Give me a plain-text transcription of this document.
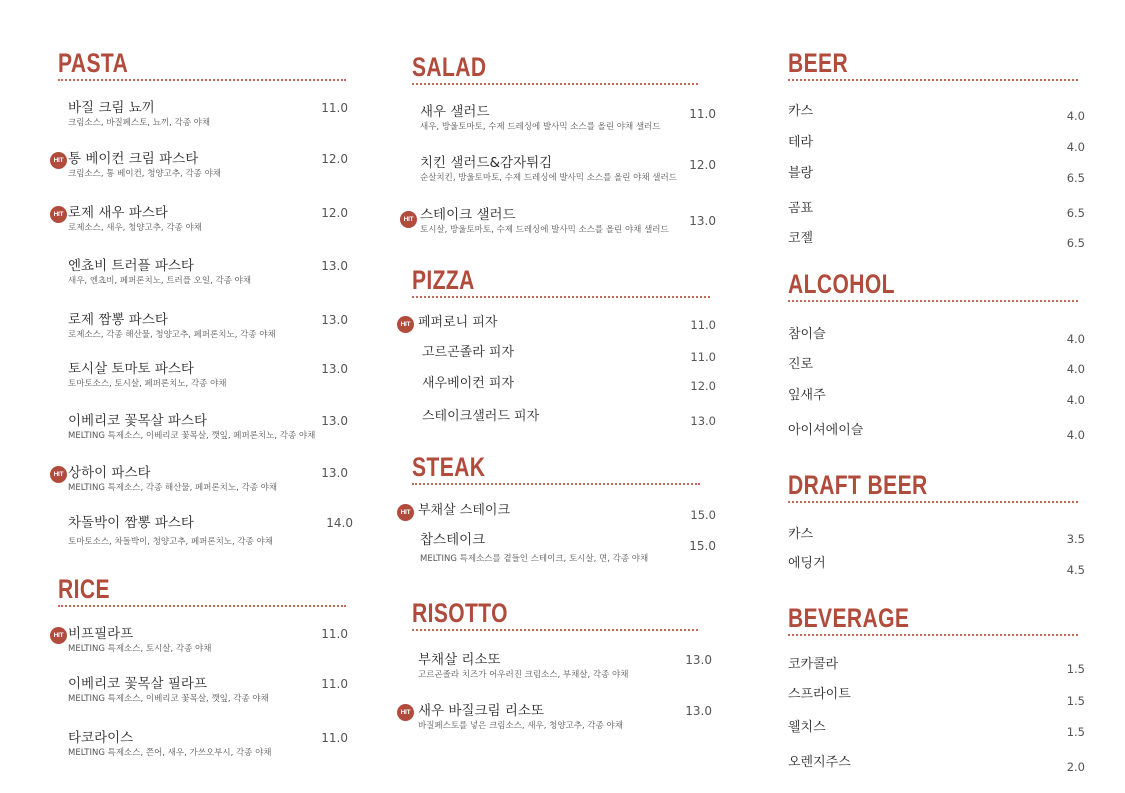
PASTA
바질 크림 뇨끼
크림소스, 바질페스토, 뇨끼, 각종 야채
11.0
HIT 통 베이컨 크림 파스타
크림소스, 통 베이컨, 청양고추, 각종 야채
12.0
HIT 로제 새우 파스타
로제소스, 새우, 청양고추, 각종 야채
12.0
엔쵸비 트러플 파스타
새우, 엔쵸비, 페퍼론치노, 트러플 오일, 각종 야채
13.0
로제 짬뽕 파스타
로제소스, 각종 해산물, 청양고추, 페퍼론치노, 각종 야채
13.0
토시살 토마토 파스타
토마토소스, 토시살, 페퍼론치노, 각종 야채
13.0
이베리코 꽃목살 파스타
MELTING 특제소스, 이베리코 꽃목살, 깻잎, 페퍼론치노, 각종 야채
13.0
HIT 상하이 파스타
MELTING 특제소스, 각종 해산물, 페퍼론치노, 각종 야채
13.0
차돌박이 짬뽕 파스타
토마토소스, 차돌박이, 청양고추, 페퍼론치노, 각종 야채
14.0
RICE
HIT 비프필라프
MELTING 특제소스, 토시살, 각종 야채
11.0
이베리코 꽃목살 필라프
MELTING 특제소스, 이베리코 꽃목살, 깻잎, 각종 야채
11.0
타코라이스
MELTING 특제소스, 쯘어, 새우, 가쓰오부시, 각종 야채
11.0
SALAD
새우 샐러드
새우, 방울토마토, 수제 드레싱에 발사믹 소스를 올린 야채 샐러드
11.0
치킨 샐러드&감자튀김
순살치킨, 방울토마토, 수제 드레싱에 발사믹 소스를 올린 야채 샐러드
12.0
HIT 스테이크 샐러드
토시살, 방울토마토, 수제 드레싱에 발사믹 소스를 올린 야채 샐러드
13.0
PIZZA
HIT 페퍼로니 피자	11.0
고르곤졸라 피자	11.0
새우베이컨 피자	12.0
스테이크샐러드 피자	13.0
STEAK
HIT 부채살 스테이크	15.0
찹스테이크
MELTING 특제소스를 곁들인 스테이크, 토시살, 면, 각종 야채
15.0
RISOTTO
부채살 리소또
고르곤졸라 치즈가 어우러진 크림소스, 부채살, 각종 야채
13.0
HIT 새우 바질크림 리소또
바질페스토를 넣은 크림소스, 새우, 청양고추, 각종 야채
13.0
BEER
카스	4.0
테라	4.0
블랑	6.5
곰표	6.5
코젤	6.5
ALCOHOL
참이슬	4.0
진로	4.0
잎새주	4.0
아이셔에이슬	4.0
DRAFT BEER
카스	3.5
에딩거	4.5
BEVERAGE
코카콜라	1.5
스프라이트	1.5
웰치스	1.5
오렌지주스	2.0
